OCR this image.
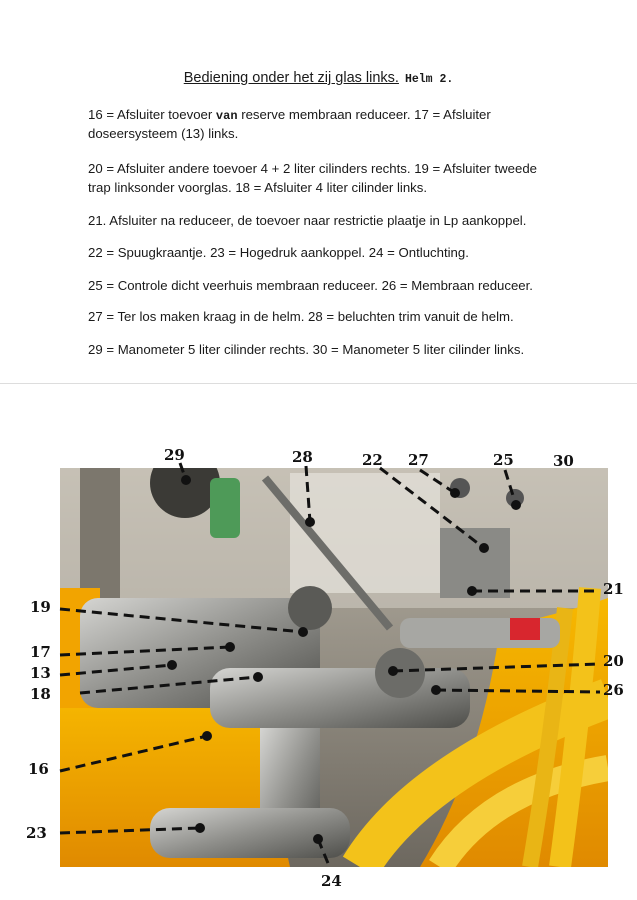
Bediening onder het zij glas links. Helm 2.
16 = Afsluiter toevoer van reserve membraan reduceer. 17 = Afsluiter
doseersysteem (13) links.
20 = Afsluiter andere toevoer 4 + 2 liter cilinders rechts. 19 = Afsluiter tweede
trap linksonder voorglas. 18 = Afsluiter 4 liter cilinder links.
21. Afsluiter na reduceer, de toevoer naar restrictie plaatje in Lp aankoppel.
22 = Spuugkraantje. 23 = Hogedruk aankoppel. 24 = Ontluchting.
25 = Controle dicht veerhuis membraan reduceer. 26 = Membraan reduceer.
27 = Ter los maken kraag in de helm. 28 = beluchten trim vanuit de helm.
29 = Manometer 5 liter cilinder rechts. 30 = Manometer 5 liter cilinder links.
29	28	22 27	25	30
19
17
13
18
16
23
21
20
26
24
